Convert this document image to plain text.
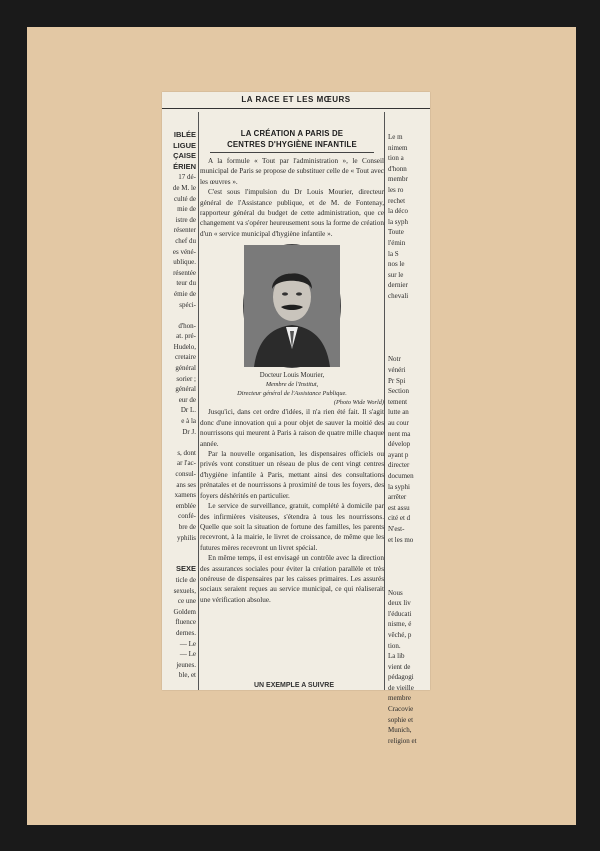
LA RACE ET LES MŒURS
IBLÉE
LIGUE
ÇAISE
ÉRIEN
17 dé-
de M. le
culté de
mie de
istre de
résenter
chef du
es véné-
ublique.
résentée
teur du
émie de
spéci-

d'hon-
at. pré-
Hudelo,
cretaire
général
sorier ;
général
eur de
Dr L.
e à la
Dr J.

s, dont
ar l'ac-
consul-
ans ses
xamens
emblée
confé-
bre de
yphilis

SEXE
ticle de
sexuels,
ce une
Goldem
fluence
dernes.
— Le
— Le
jeunes.
ble, et
LA CRÉATION A PARIS DE
CENTRES D'HYGIÈNE INFANTILE

A la formule « Tout par l'administration », le Conseil municipal de Paris se propose de substituer celle de « Tout avec les œuvres ».

C'est sous l'impulsion du Dr Louis Mourier, directeur général de l'Assistance publique, et de M. de Fontenay, rapporteur général du budget de cette administration, que ce changement va s'opérer heureusement sous la forme de création d'un « service municipal d'hygiène infantile ».

Docteur Louis Mourier,
Membre de l'Institut,
Directeur général de l'Assistance Publique.
(Photo Wide World)

Jusqu'ici, dans cet ordre d'idées, il n'a rien été fait. Il s'agit donc d'une innovation qui a pour objet de sauver la moitié des nourrissons qui meurent à Paris à raison de quatre mille chaque année.

Par la nouvelle organisation, les dispensaires officiels ou privés vont constituer un réseau de plus de cent vingt centres d'hygiène infantile à Paris, mettant ainsi des consultations prénatales et de nourrissons à proximité de tous les foyers, des foyers déshérités en particulier.

Le service de surveillance, gratuit, complété à domicile par des infirmières visiteuses, s'étendra à tous les nourrissons. Quelle que soit la situation de fortune des familles, les parents recevront, à la mairie, le livret de croissance, de même que les futures mères recevront un livret spécial.

En même temps, il est envisagé un contrôle avec la direction des assurances sociales pour éviter la création parallèle et très onéreuse de dispensaires par les caisses primaires. Les assurés sociaux seraient reçues au service municipal, ce qui réaliserait une vérification absolue.

UN EXEMPLE A SUIVRE
Le m
nimem
tion a
d'honn
membr
les ro
rechet
la déco
la syph
Toute
l'émin
la S
nos le
sur le
dernier
chevali

Notr
vénéri
Pr Spi
Section
tement
lutte an
au cour
nent ma
dévelop
ayant p
directer
documen
la syphi
arrêter
est assu
cité et d
N'est-
et les mo

Nous
deux liv
l'éducati
nisme, é
vêché, p
tion.
La lib
vient de
pédagogi
de vieille
membre
Cracovie
sophie et
Munich,
religion et
